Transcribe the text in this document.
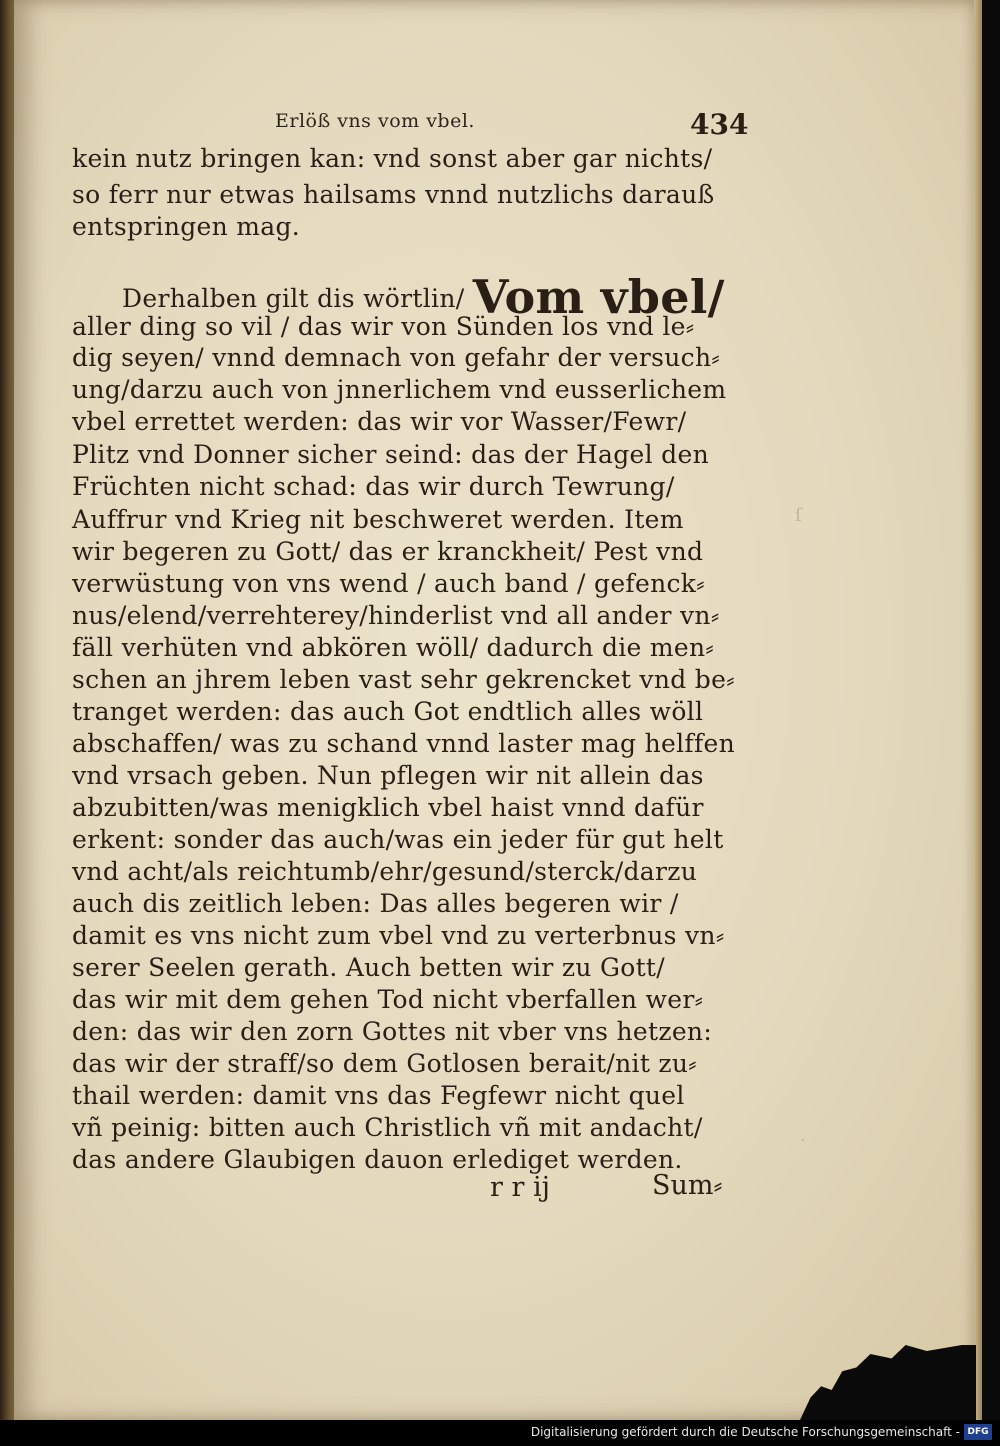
ſ
·
Erlöß vns vom vbel.	434
kein nutz bringen kan: vnd sonst aber gar nichts/
so ferr nur etwas hailsams vnnd nutzlichs darauß
entspringen mag.
Derhalben gilt dis wörtlin/ Vom vbel/
aller ding so vil / das wir von Sünden los vnd le⸗
dig seyen/ vnnd demnach von gefahr der versuch⸗
ung/darzu auch von jnnerlichem vnd eusserlichem
vbel errettet werden: das wir vor Wasser/Fewr/
Plitz vnd Donner sicher seind: das der Hagel den
Früchten nicht schad: das wir durch Tewrung/
Auffrur vnd Krieg nit beschweret werden. Item
wir begeren zu Gott/ das er kranckheit/ Pest vnd
verwüstung von vns wend / auch band / gefenck⸗
nus/elend/verrehterey/hinderlist vnd all ander vn⸗
fäll verhüten vnd abkören wöll/ dadurch die men⸗
schen an jhrem leben vast sehr gekrencket vnd be⸗
tranget werden: das auch Got endtlich alles wöll
abschaffen/ was zu schand vnnd laster mag helffen
vnd vrsach geben. Nun pflegen wir nit allein das
abzubitten/was menigklich vbel haist vnnd dafür
erkent: sonder das auch/was ein jeder für gut helt
vnd acht/als reichtumb/ehr/gesund/sterck/darzu
auch dis zeitlich leben: Das alles begeren wir /
damit es vns nicht zum vbel vnd zu verterbnus vn⸗
serer Seelen gerath. Auch betten wir zu Gott/
das wir mit dem gehen Tod nicht vberfallen wer⸗
den: das wir den zorn Gottes nit vber vns hetzen:
das wir der straff/so dem Gotlosen berait/nit zu⸗
thail werden: damit vns das Fegfewr nicht quel
vñ peinig: bitten auch Christlich vñ mit andacht/
das andere Glaubigen dauon erlediget werden.
r r ij	Sum⸗
Digitalisierung gefördert durch die Deutsche Forschungsgemeinschaft - DFG
